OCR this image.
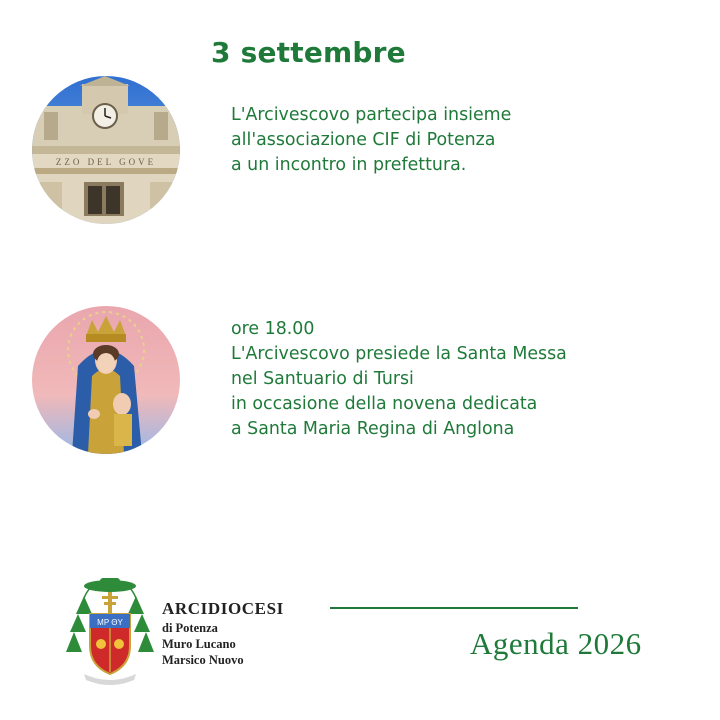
3 settembre
ZZO DEL GOVE
L'Arcivescovo partecipa insieme
all'associazione CIF di Potenza
a un incontro in prefettura.
ore 18.00
L'Arcivescovo presiede la Santa Messa
nel Santuario di Tursi
in occasione della novena dedicata
a Santa Maria Regina di Anglona
MP ΘY
ARCIDIOCESI
di Potenza
Muro Lucano
Marsico Nuovo	Agenda 2026
